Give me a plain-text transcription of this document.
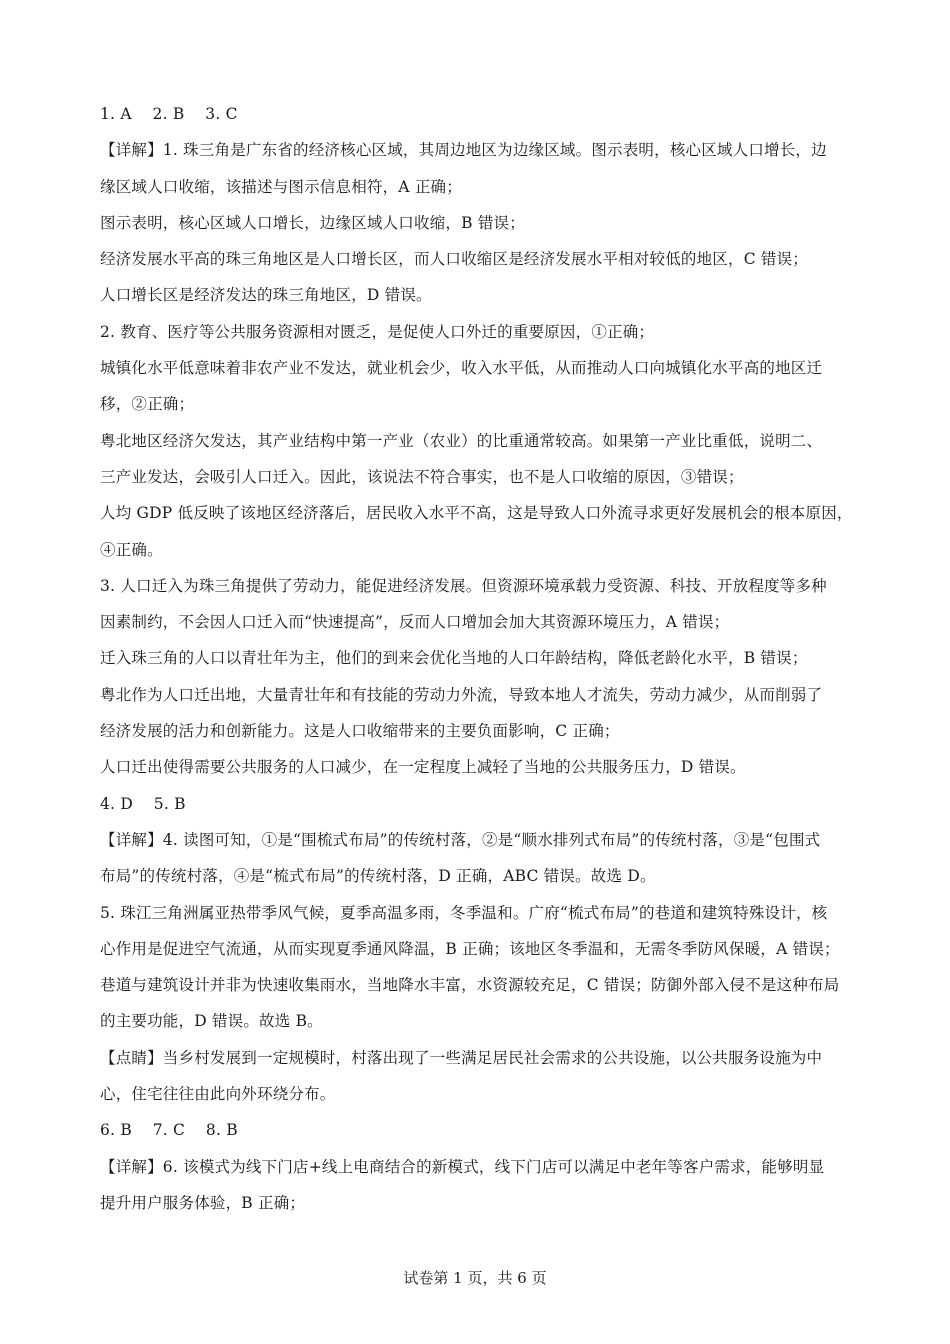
1. A　 2. B　 3. C
【详解】1. 珠三角是广东省的经济核心区域，其周边地区为边缘区域。图示表明，核心区域人口增长，边
缘区域人口收缩，该描述与图示信息相符，A 正确；
图示表明，核心区域人口增长，边缘区域人口收缩，B 错误；
经济发展水平高的珠三角地区是人口增长区，而人口收缩区是经济发展水平相对较低的地区，C 错误；
人口增长区是经济发达的珠三角地区，D 错误。
2. 教育、医疗等公共服务资源相对匮乏，是促使人口外迁的重要原因，①正确；
城镇化水平低意味着非农产业不发达，就业机会少，收入水平低，从而推动人口向城镇化水平高的地区迁
移，②正确；
粤北地区经济欠发达，其产业结构中第一产业（农业）的比重通常较高。如果第一产业比重低，说明二、
三产业发达，会吸引人口迁入。因此，该说法不符合事实，也不是人口收缩的原因，③错误；
人均 GDP 低反映了该地区经济落后，居民收入水平不高，这是导致人口外流寻求更好发展机会的根本原因，
④正确。
3. 人口迁入为珠三角提供了劳动力，能促进经济发展。但资源环境承载力受资源、科技、开放程度等多种
因素制约，不会因人口迁入而“快速提高”，反而人口增加会加大其资源环境压力，A 错误；
迁入珠三角的人口以青壮年为主，他们的到来会优化当地的人口年龄结构，降低老龄化水平，B 错误；
粤北作为人口迁出地，大量青壮年和有技能的劳动力外流，导致本地人才流失，劳动力减少，从而削弱了
经济发展的活力和创新能力。这是人口收缩带来的主要负面影响，C 正确；
人口迁出使得需要公共服务的人口减少，在一定程度上减轻了当地的公共服务压力，D 错误。
4. D　 5. B
【详解】4. 读图可知，①是“围梳式布局”的传统村落，②是“顺水排列式布局”的传统村落，③是“包围式
布局”的传统村落，④是“梳式布局”的传统村落，D 正确，ABC 错误。故选 D。
5. 珠江三角洲属亚热带季风气候，夏季高温多雨，冬季温和。广府“梳式布局”的巷道和建筑特殊设计，核
心作用是促进空气流通，从而实现夏季通风降温，B 正确；该地区冬季温和，无需冬季防风保暖，A 错误；
巷道与建筑设计并非为快速收集雨水，当地降水丰富，水资源较充足，C 错误；防御外部入侵不是这种布局
的主要功能，D 错误。故选 B。
【点睛】当乡村发展到一定规模时，村落出现了一些满足居民社会需求的公共设施，以公共服务设施为中
心，住宅往往由此向外环绕分布。
6. B　 7. C　 8. B
【详解】6. 该模式为线下门店+线上电商结合的新模式，线下门店可以满足中老年等客户需求，能够明显
提升用户服务体验，B 正确；
试卷第 1 页，共 6 页
